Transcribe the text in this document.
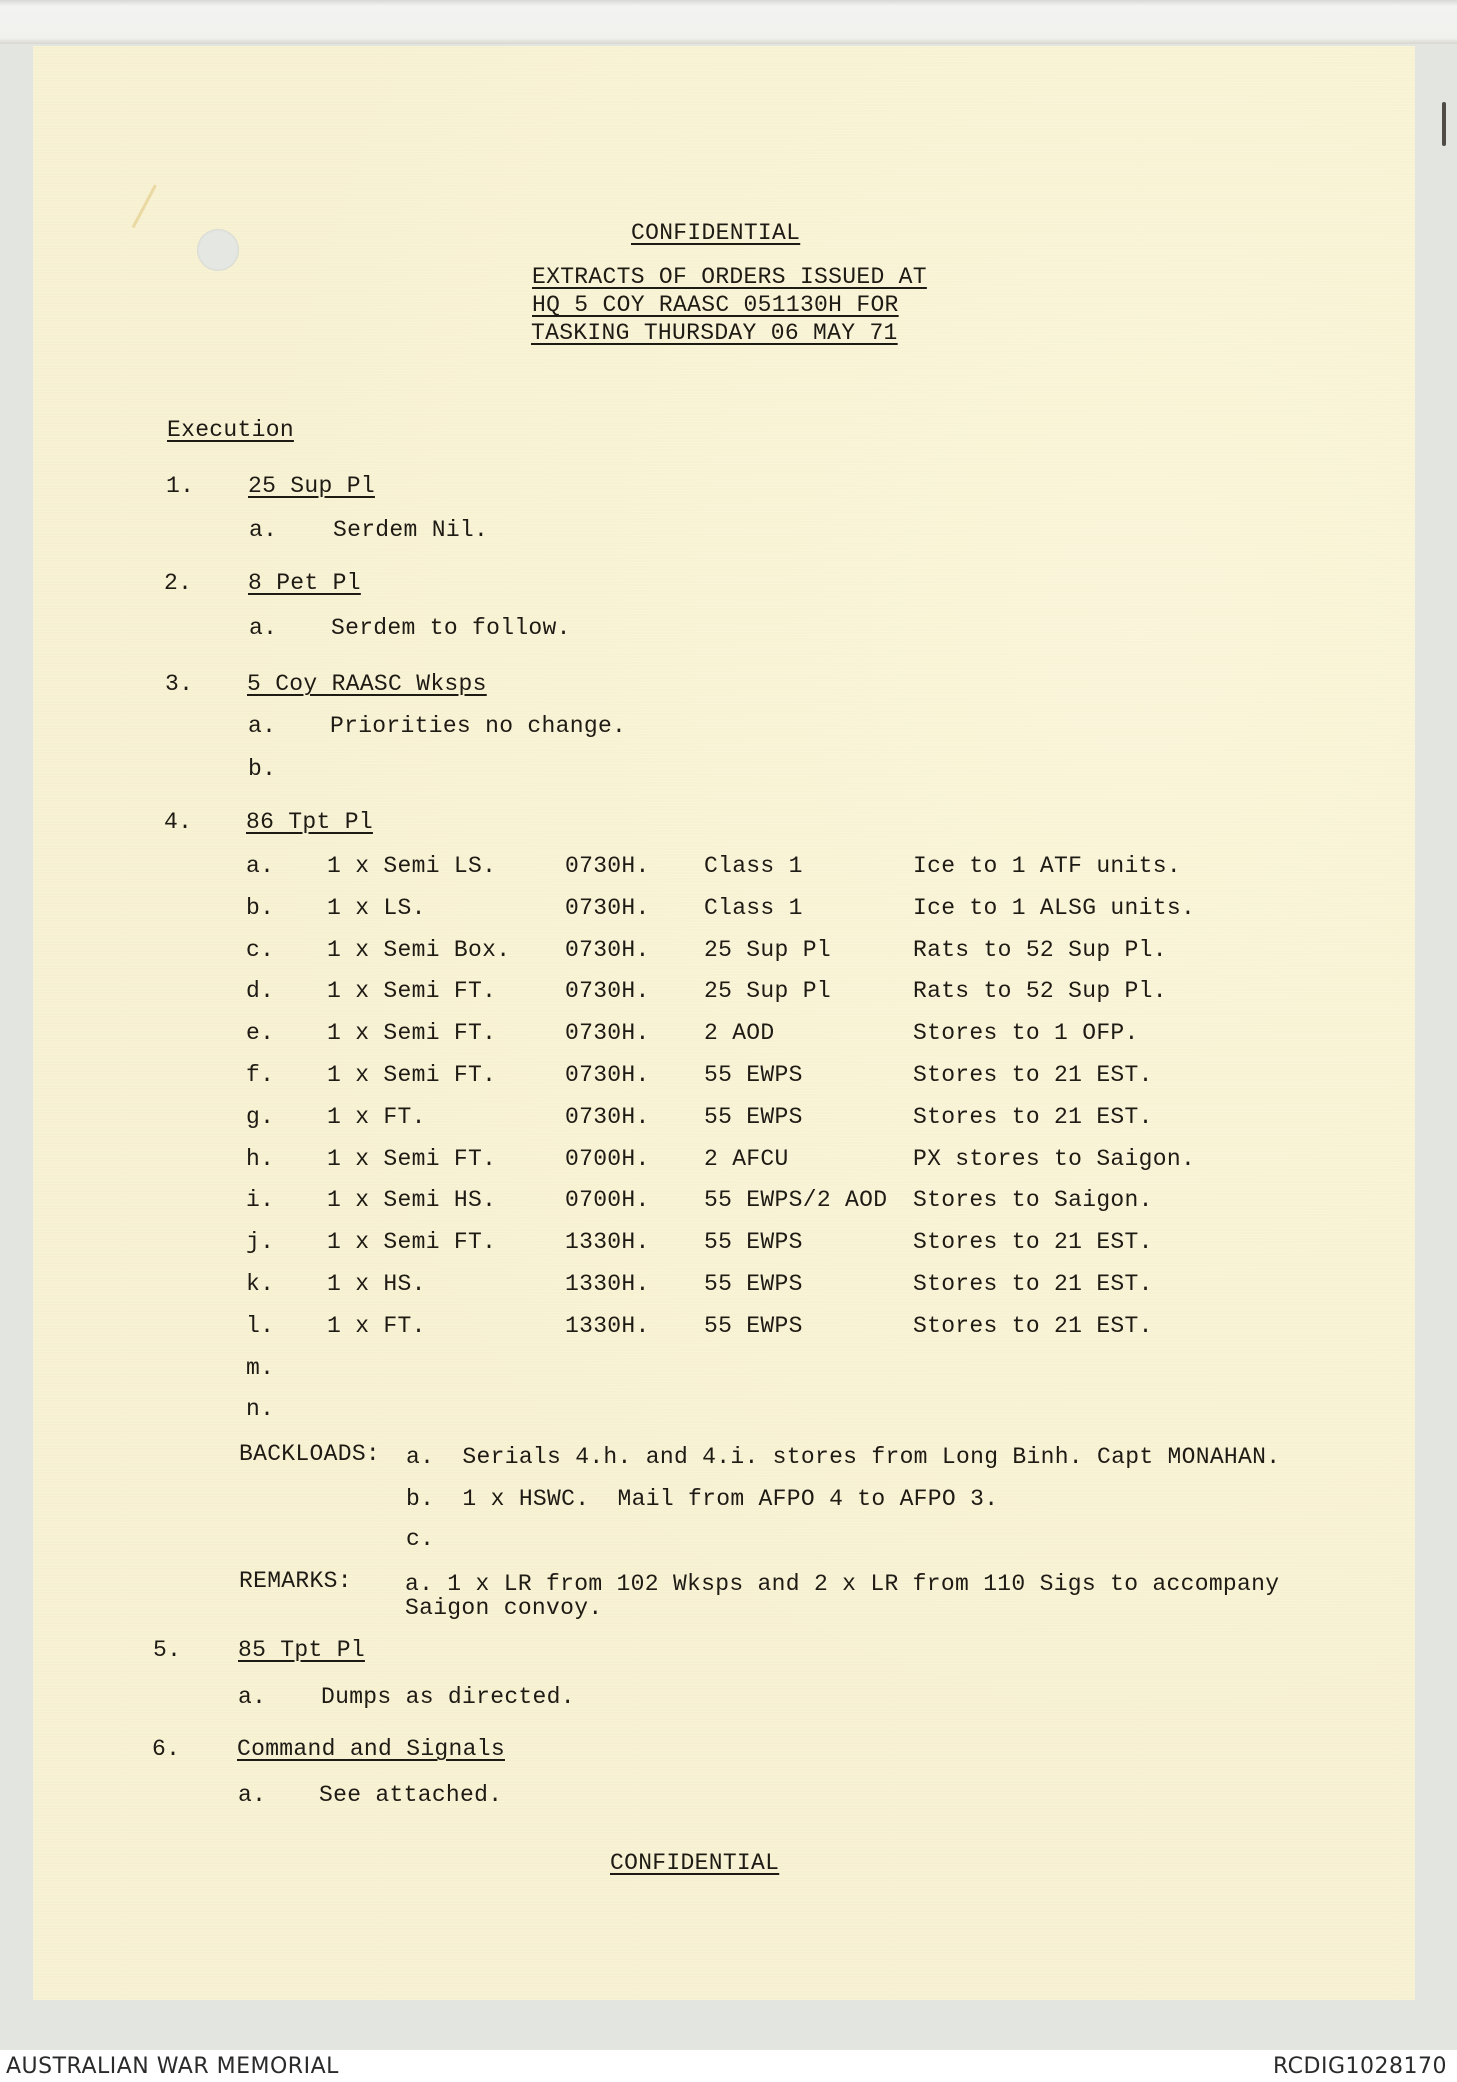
CONFIDENTIAL
EXTRACTS OF ORDERS ISSUED AT
HQ 5 COY RAASC 051130H FOR
TASKING THURSDAY 06 MAY 71
Execution
1. 25 Sup Pl
a. Serdem Nil.
2. 8 Pet Pl
a. Serdem to follow.
3. 5 Coy RAASC Wksps
a. Priorities no change.
b.
4. 86 Tpt Pl
a. 1 x Semi LS.	0730H. Class 1	Ice to 1 ATF units.
b. 1 x LS.	0730H. Class 1	Ice to 1 ALSG units.
c. 1 x Semi Box. 0730H. 25 Sup Pl	Rats to 52 Sup Pl.
d. 1 x Semi FT.	0730H. 25 Sup Pl	Rats to 52 Sup Pl.
e. 1 x Semi FT.	0730H. 2 AOD	Stores to 1 OFP.
f. 1 x Semi FT.	0730H. 55 EWPS	Stores to 21 EST.
g. 1 x FT.	0730H. 55 EWPS	Stores to 21 EST.
h. 1 x Semi FT.	0700H. 2 AFCU	PX stores to Saigon.
i. 1 x Semi HS.	0700H. 55 EWPS/2 AOD Stores to Saigon.
j. 1 x Semi FT.	1330H. 55 EWPS	Stores to 21 EST.
k. 1 x HS.	1330H. 55 EWPS	Stores to 21 EST.
l. 1 x FT.	1330H. 55 EWPS	Stores to 21 EST.
m.
n.
BACKLOADS: a.  Serials 4.h. and 4.i. stores from Long Binh. Capt MONAHAN.
b.  1 x HSWC.  Mail from AFPO 4 to AFPO 3.
c.
REMARKS: a. 1 x LR from 102 Wksps and 2 x LR from 110 Sigs to accompany
Saigon convoy.
5. 85 Tpt Pl
a. Dumps as directed.
6. Command and Signals
a. See attached.
CONFIDENTIAL
AUSTRALIAN WAR MEMORIAL	RCDIG1028170
